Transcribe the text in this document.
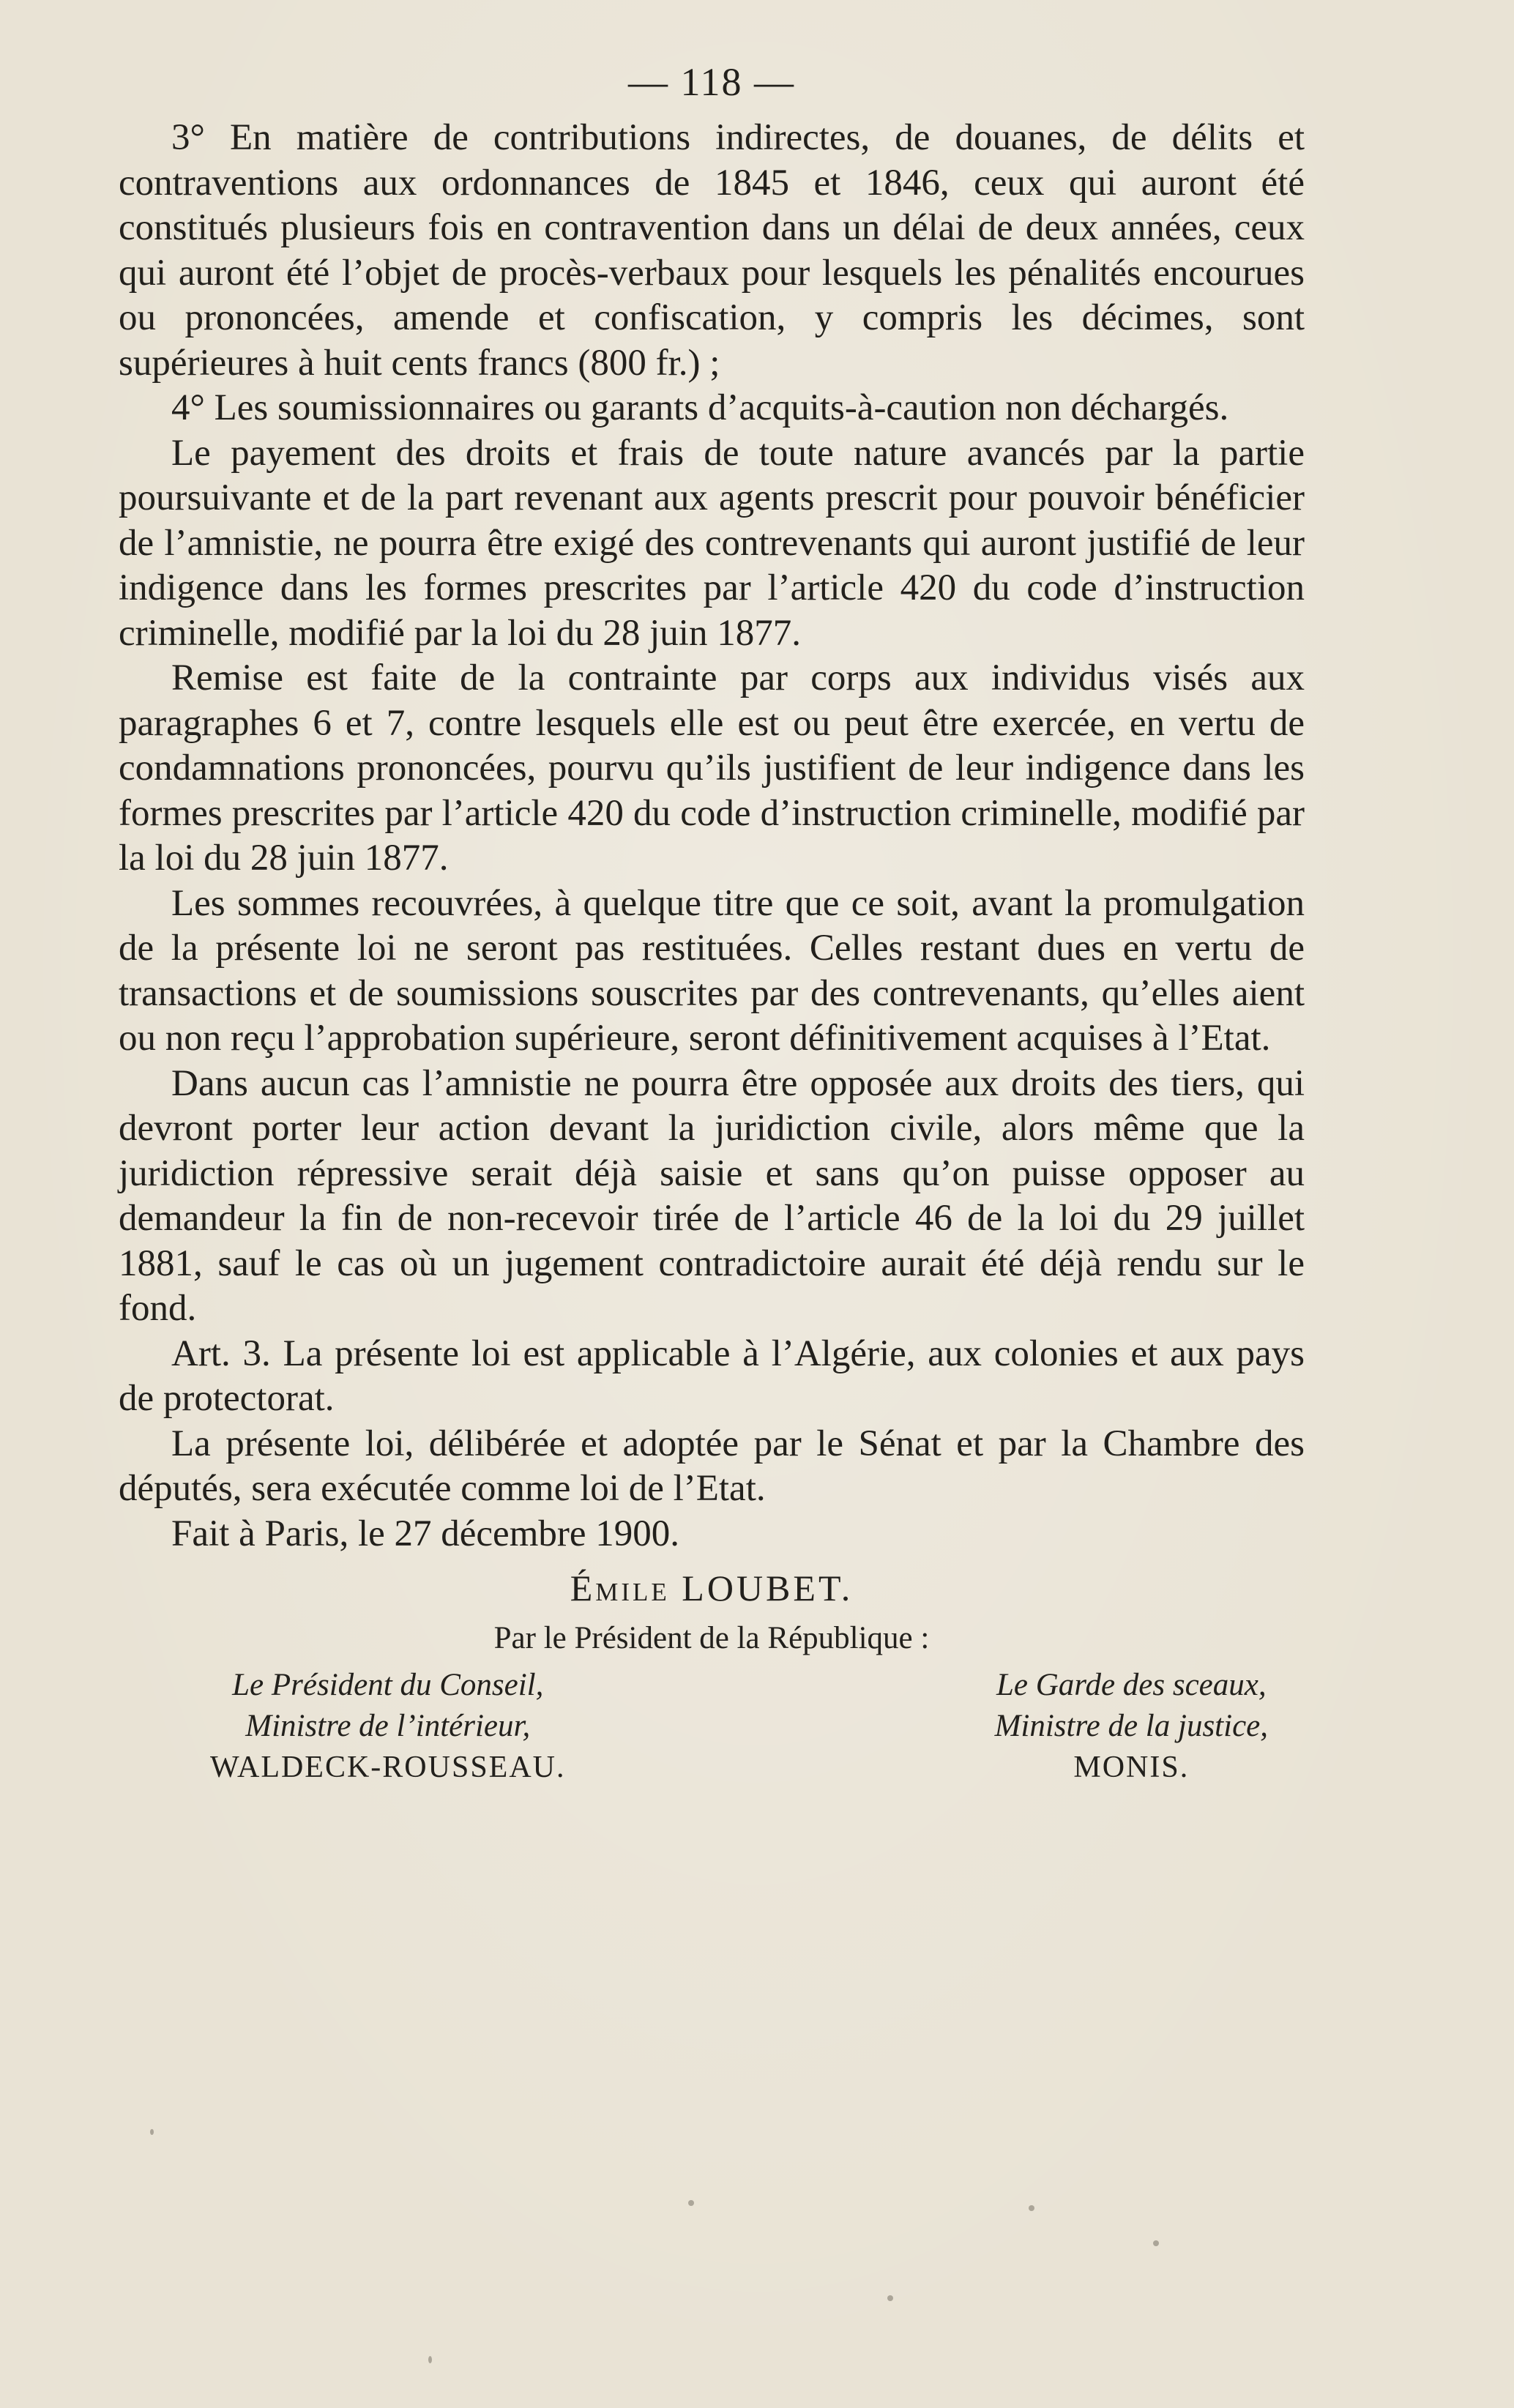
— 118 —

3° En matière de contributions indirectes, de douanes, de délits et contraventions aux ordonnances de 1845 et 1846, ceux qui auront été constitués plusieurs fois en contravention dans un délai de deux années, ceux qui auront été l’objet de procès-verbaux pour lesquels les pénalités encourues ou prononcées, amende et confiscation, y compris les décimes, sont supérieures à huit cents francs (800 fr.) ;

4° Les soumissionnaires ou garants d’acquits-à-caution non déchargés.

Le payement des droits et frais de toute nature avancés par la partie poursuivante et de la part revenant aux agents prescrit pour pouvoir bénéficier de l’amnistie, ne pourra être exigé des contrevenants qui auront justifié de leur indigence dans les formes prescrites par l’article 420 du code d’instruction criminelle, modifié par la loi du 28 juin 1877.

Remise est faite de la contrainte par corps aux individus visés aux paragraphes 6 et 7, contre lesquels elle est ou peut être exercée, en vertu de condamnations prononcées, pourvu qu’ils justifient de leur indigence dans les formes prescrites par l’article 420 du code d’instruction criminelle, modifié par la loi du 28 juin 1877.

Les sommes recouvrées, à quelque titre que ce soit, avant la promulgation de la présente loi ne seront pas restituées. Celles restant dues en vertu de transactions et de soumissions souscrites par des contrevenants, qu’elles aient ou non reçu l’approbation supérieure, seront définitivement acquises à l’Etat.

Dans aucun cas l’amnistie ne pourra être opposée aux droits des tiers, qui devront porter leur action devant la juridiction civile, alors même que la juridiction répressive serait déjà saisie et sans qu’on puisse opposer au demandeur la fin de non-recevoir tirée de l’article 46 de la loi du 29 juillet 1881, sauf le cas où un jugement contradictoire aurait été déjà rendu sur le fond.

Art. 3. La présente loi est applicable à l’Algérie, aux colonies et aux pays de protectorat.

La présente loi, délibérée et adoptée par le Sénat et par la Chambre des députés, sera exécutée comme loi de l’Etat.

Fait à Paris, le 27 décembre 1900.

Émile LOUBET.
Par le Président de la République :
Le Président du Conseil,
Ministre de l’intérieur,
WALDECK-ROUSSEAU.
Le Garde des sceaux,
Ministre de la justice,
MONIS.
